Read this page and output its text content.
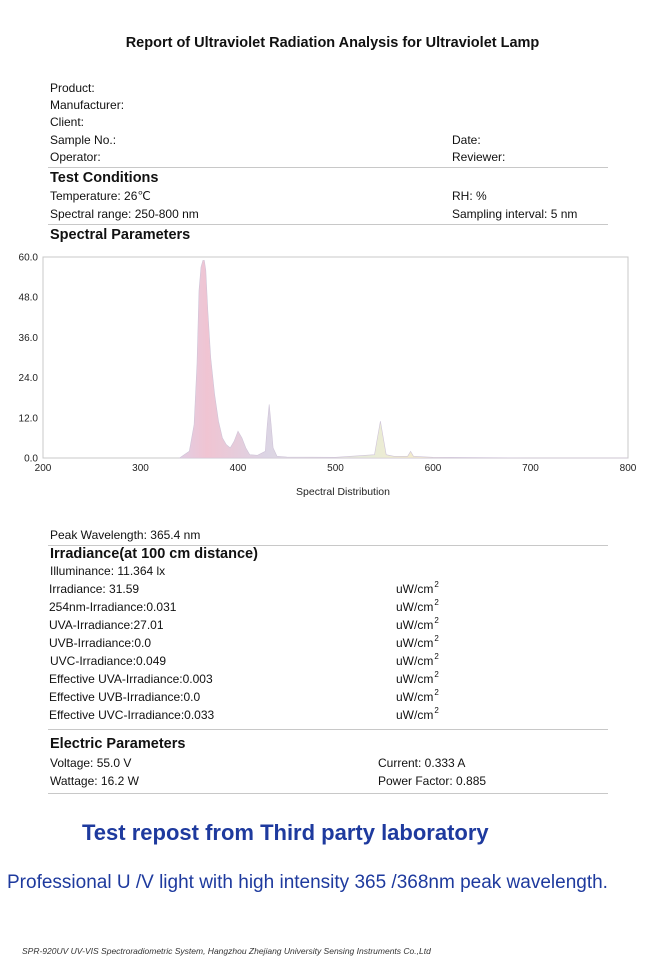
Report of Ultraviolet Radiation Analysis for Ultraviolet Lamp
Product:
Manufacturer:
Client:
Sample No.:	Date:
Operator:	Reviewer:
Test Conditions
Temperature: 26℃	RH: %
Spectral range: 250-800 nm	Sampling interval: 5 nm
Spectral Parameters
0.0
12.0
24.0
36.0
48.0
60.0
200	300	400	500	600	700	800
Spectral Distribution
Peak Wavelength: 365.4 nm
Irradiance(at 100 cm distance)
Illuminance: 11.364 lx
Irradiance: 31.59	$uW/cm^2$
254nm-Irradiance:0.031	$uW/cm^2$
UVA-Irradiance:27.01	$uW/cm^2$
UVB-Irradiance:0.0	$uW/cm^2$
UVC-Irradiance:0.049	$uW/cm^2$
Effective UVA-Irradiance:0.003	$uW/cm^2$
Effective UVB-Irradiance:0.0	$uW/cm^2$
Effective UVC-Irradiance:0.033	$uW/cm^2$
Electric Parameters
Voltage: 55.0 V	Current: 0.333 A
Wattage: 16.2 W	Power Factor: 0.885
Test repost from Third party laboratory
Professional U /V light with high intensity 365 /368nm peak wavelength.
SPR-920UV UV-VIS Spectroradiometric System, Hangzhou Zhejiang University Sensing Instruments Co.,Ltd
